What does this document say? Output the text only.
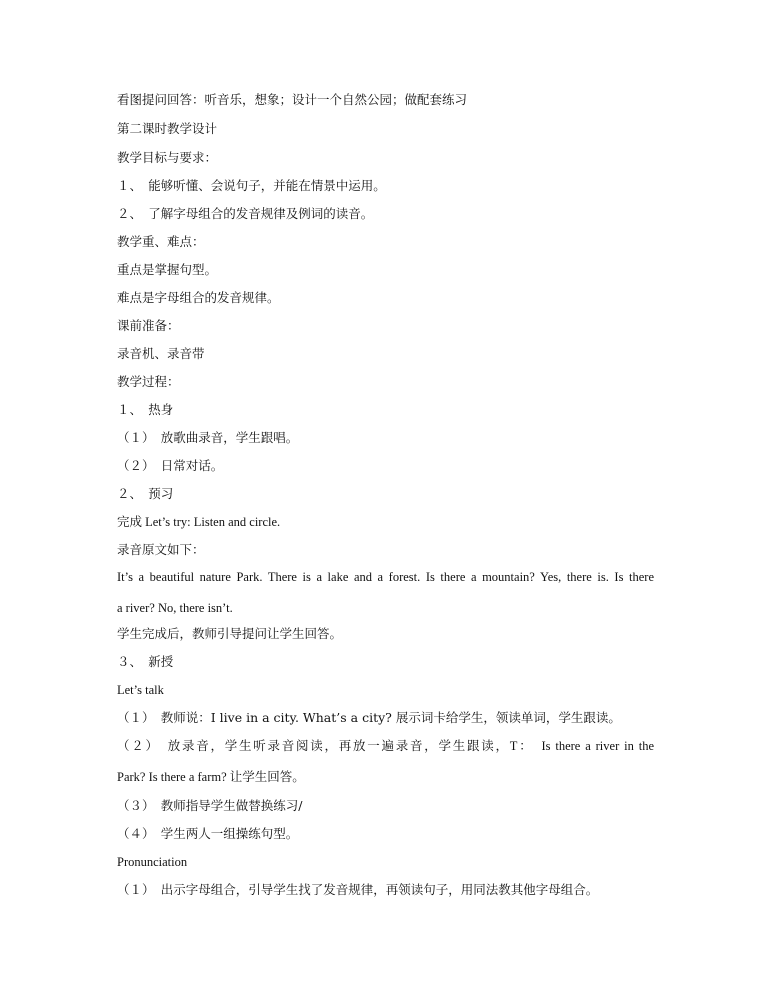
看图提问回答：听音乐，想象；设计一个自然公园；做配套练习
第二课时教学设计
教学目标与要求：
１、　能够听懂、会说句子，并能在情景中运用。
２、　了解字母组合的发音规律及例词的读音。
教学重、难点：
重点是掌握句型。
难点是字母组合的发音规律。
课前准备：
录音机、录音带
教学过程：
１、　热身
（１）　放歌曲录音，学生跟唱。
（２）　日常对话。
２、　预习
完成 Let’s try: Listen and circle.
录音原文如下：
It’s a beautiful nature Park. There is a lake and a forest. Is there a mountain? Yes, there is. Is there
a river? No, there isn’t.
学生完成后，教师引导提问让学生回答。
３、　新授
Let’s talk
（１）　教师说：I live in a city. What’s a city? 展示词卡给学生，领读单词，学生跟读。
（２）　放录音，学生听录音阅读，再放一遍录音，学生跟读，T：　Is there a river in the
Park? Is there a farm? 让学生回答。
（３）　教师指导学生做替换练习/
（４）　学生两人一组操练句型。
Pronunciation
（１）　出示字母组合，引导学生找了发音规律，再领读句子，用同法教其他字母组合。
